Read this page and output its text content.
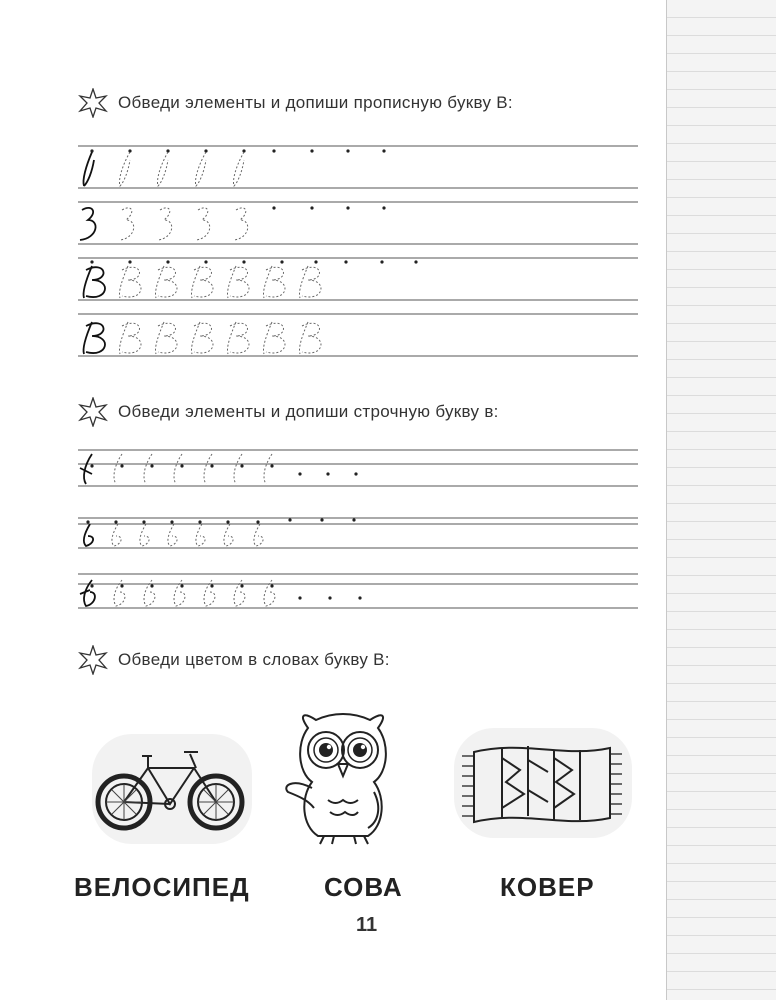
Обведи элементы и допиши прописную букву В:
Обведи элементы и допиши строчную букву в:
Обведи цветом в словах букву В:
ВЕЛОСИПЕД	СОВА	КОВЕР
11
